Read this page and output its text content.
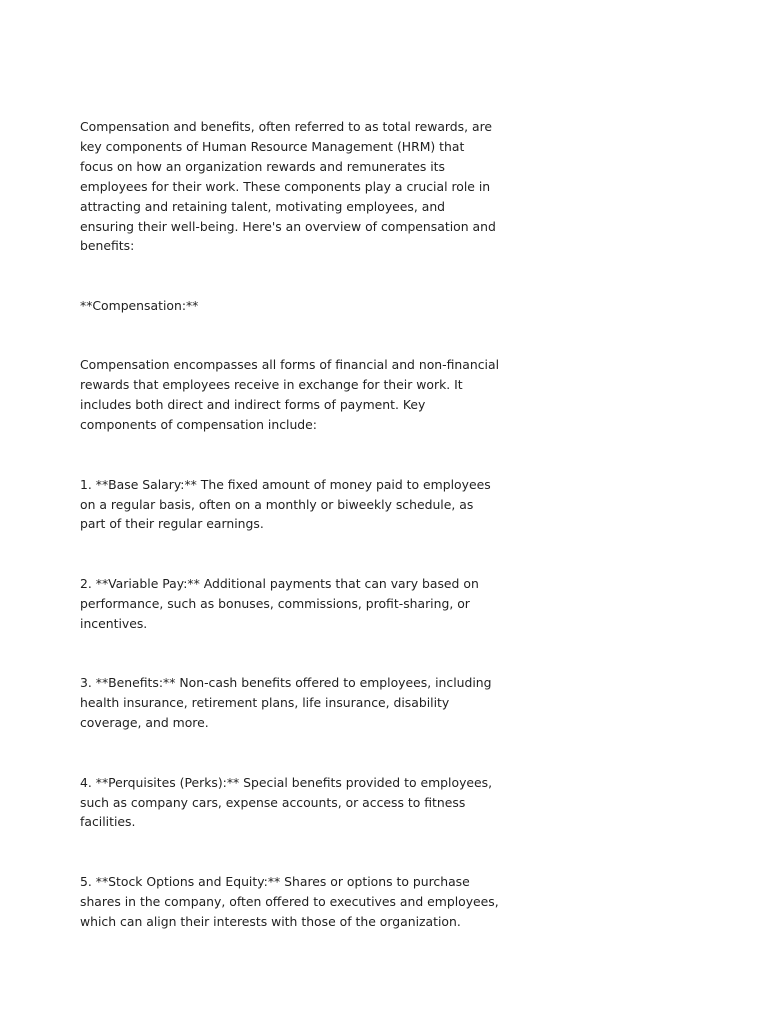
Compensation and benefits, often referred to as total rewards, are
key components of Human Resource Management (HRM) that
focus on how an organization rewards and remunerates its
employees for their work. These components play a crucial role in
attracting and retaining talent, motivating employees, and
ensuring their well-being. Here's an overview of compensation and
benefits:

**Compensation:**

Compensation encompasses all forms of financial and non-financial
rewards that employees receive in exchange for their work. It
includes both direct and indirect forms of payment. Key
components of compensation include:

1. **Base Salary:** The fixed amount of money paid to employees
on a regular basis, often on a monthly or biweekly schedule, as
part of their regular earnings.

2. **Variable Pay:** Additional payments that can vary based on
performance, such as bonuses, commissions, profit-sharing, or
incentives.

3. **Benefits:** Non-cash benefits offered to employees, including
health insurance, retirement plans, life insurance, disability
coverage, and more.

4. **Perquisites (Perks):** Special benefits provided to employees,
such as company cars, expense accounts, or access to fitness
facilities.

5. **Stock Options and Equity:** Shares or options to purchase
shares in the company, often offered to executives and employees,
which can align their interests with those of the organization.
